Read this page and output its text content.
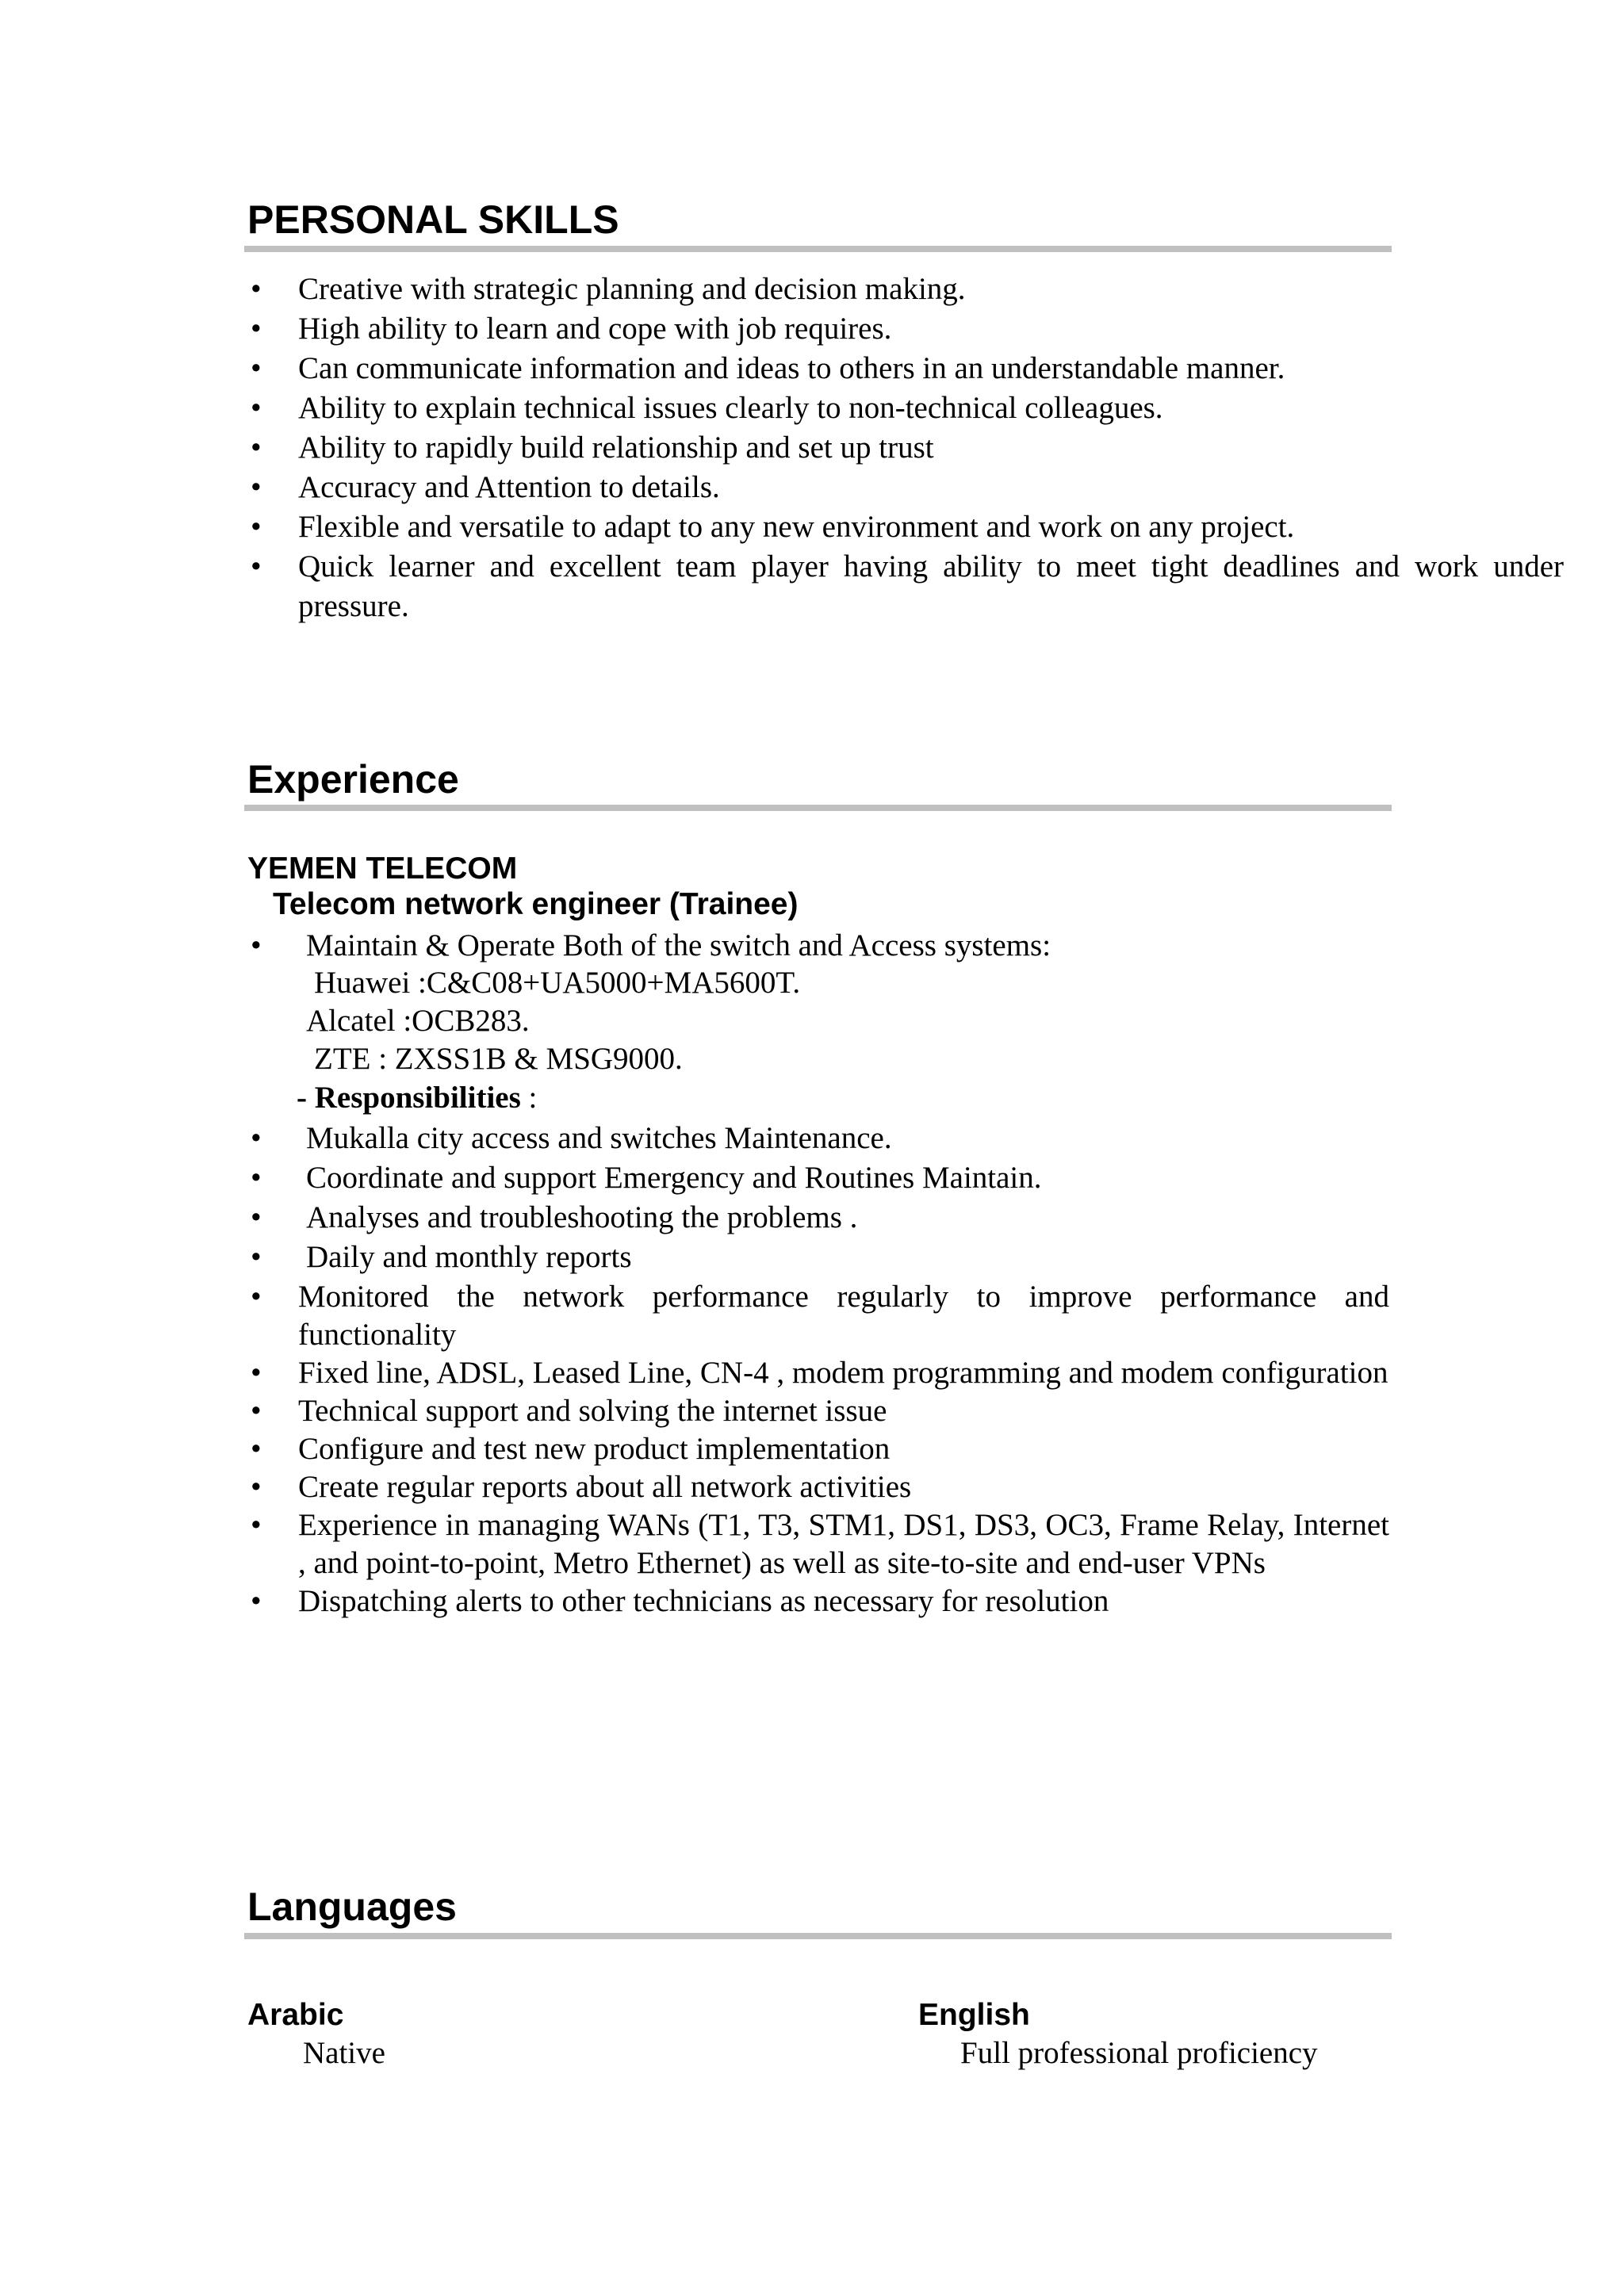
PERSONAL SKILLS
• Creative with strategic planning and decision making.
• High ability to learn and cope with job requires.
• Can communicate information and ideas to others in an understandable manner.
• Ability to explain technical issues clearly to non-technical colleagues.
• Ability to rapidly build relationship and set up trust
• Accuracy and Attention to details.
• Flexible and versatile to adapt to any new environment and work on any project.
• Quick learner and excellent team player having ability to meet tight deadlines and work under pressure.
Experience
YEMEN TELECOM
Telecom network engineer (Trainee)
• Maintain & Operate Both of the switch and Access systems:
Huawei :C&C08+UA5000+MA5600T.
Alcatel :OCB283.
ZTE : ZXSS1B & MSG9000.
- Responsibilities :
• Mukalla city access and switches Maintenance.
• Coordinate and support Emergency and Routines Maintain.
• Analyses and troubleshooting the problems .
• Daily and monthly reports
• Monitored the network performance regularly to improve performance and functionality
• Fixed line, ADSL, Leased Line, CN-4 , modem programming and modem configuration
• Technical support and solving the internet issue
• Configure and test new product implementation
• Create regular reports about all network activities
• Experience in managing WANs (T1, T3, STM1, DS1, DS3, OC3, Frame Relay, Internet , and point-to-point, Metro Ethernet) as well as site-to-site and end-user VPNs
• Dispatching alerts to other technicians as necessary for resolution
Languages
Arabic
Native
English
Full professional proficiency
